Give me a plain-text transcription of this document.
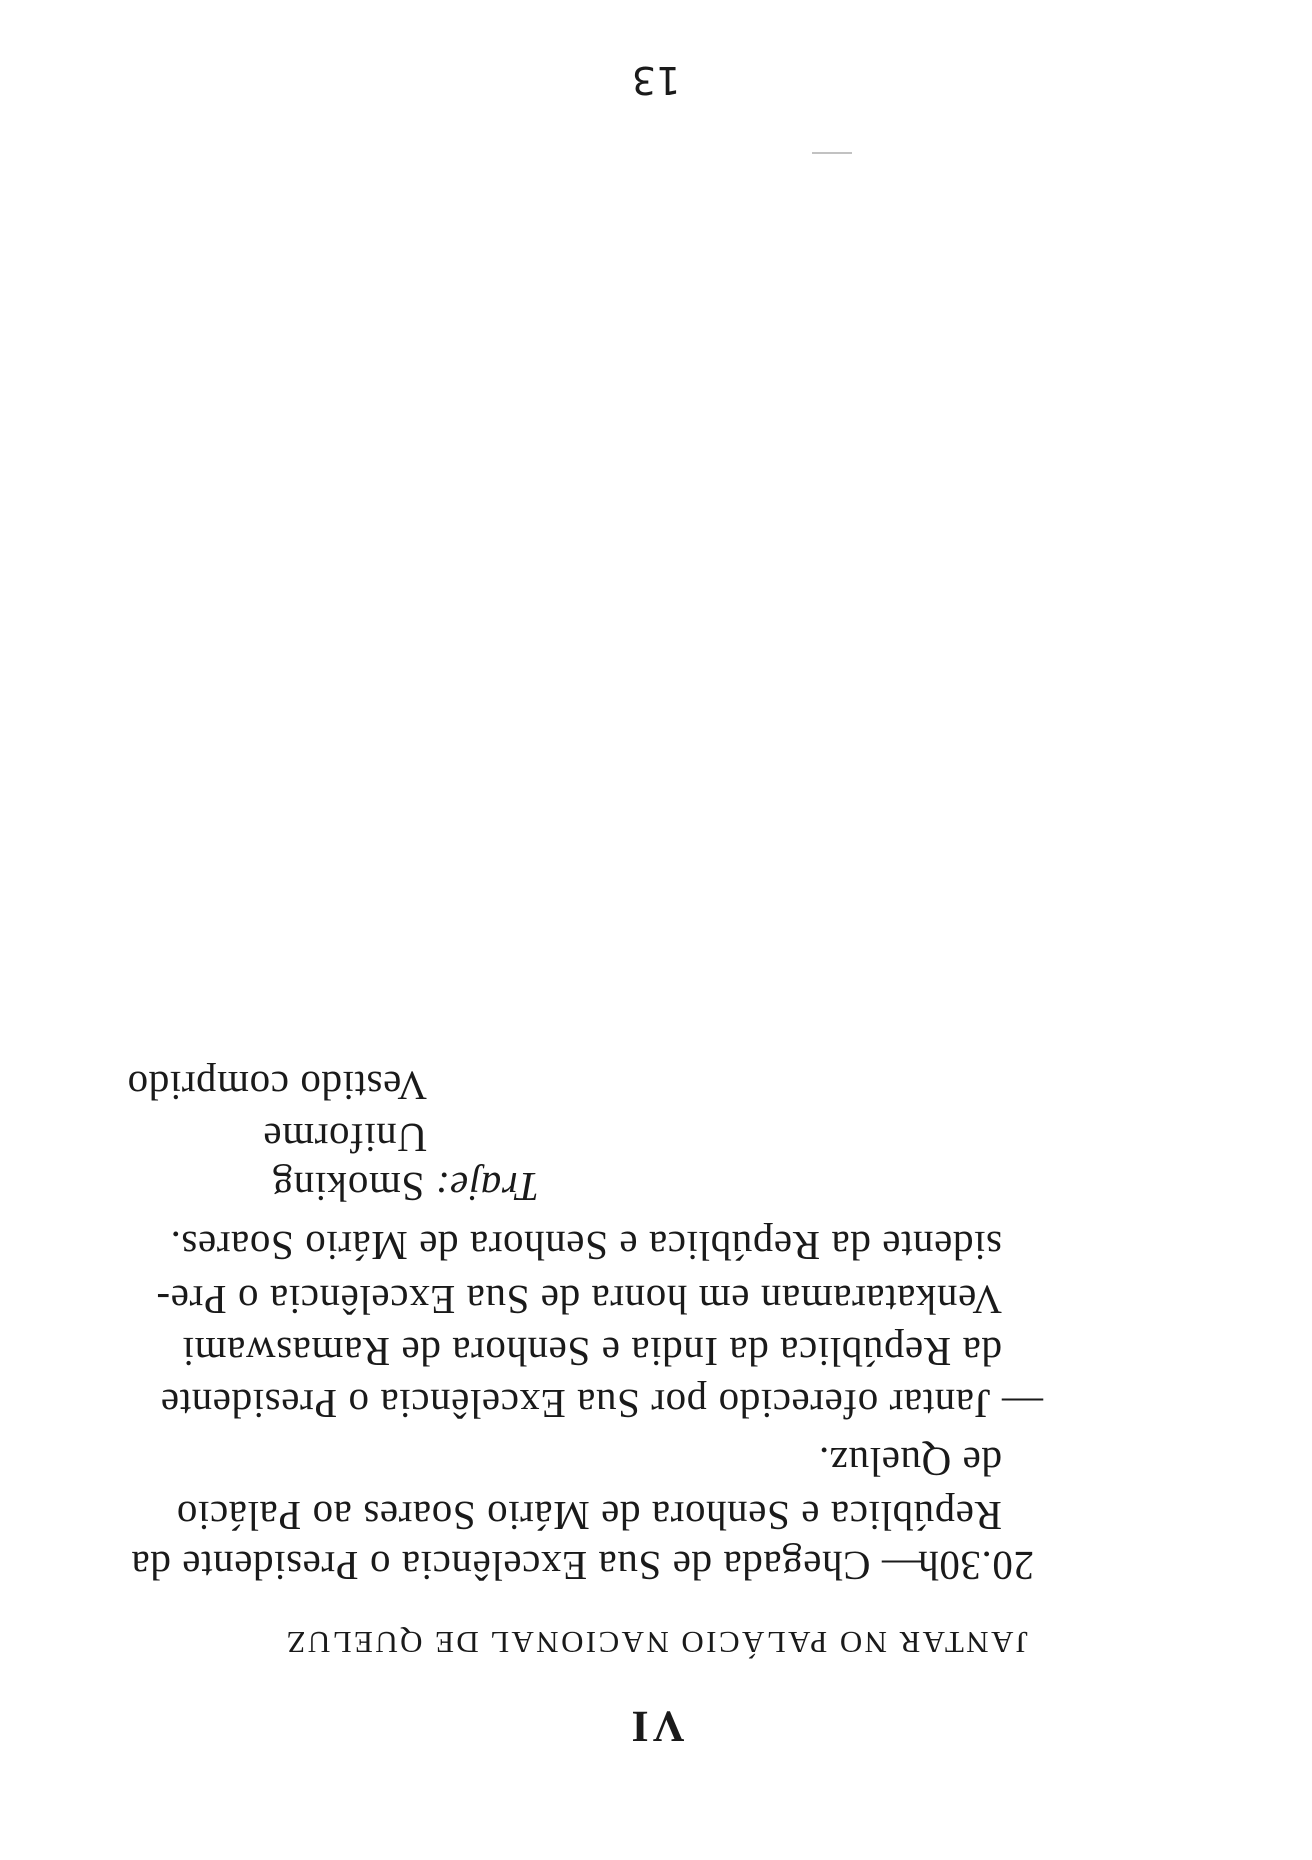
VI
JANTAR NO PALÁCIO NACIONAL DE QUELUZ
20.30h
— Chegada de Sua Excelência o Presidente da
República e Senhora de Mário Soares ao Palácio
de Queluz.
— Jantar oferecido por Sua Excelência o Presidente
da República da India e Senhora de Ramaswami
Venkataraman em honra de Sua Excelência o Pre-
sidente da República e Senhora de Mário Soares.
Traje: Smoking
Uniforme
Vestido comprido
13
